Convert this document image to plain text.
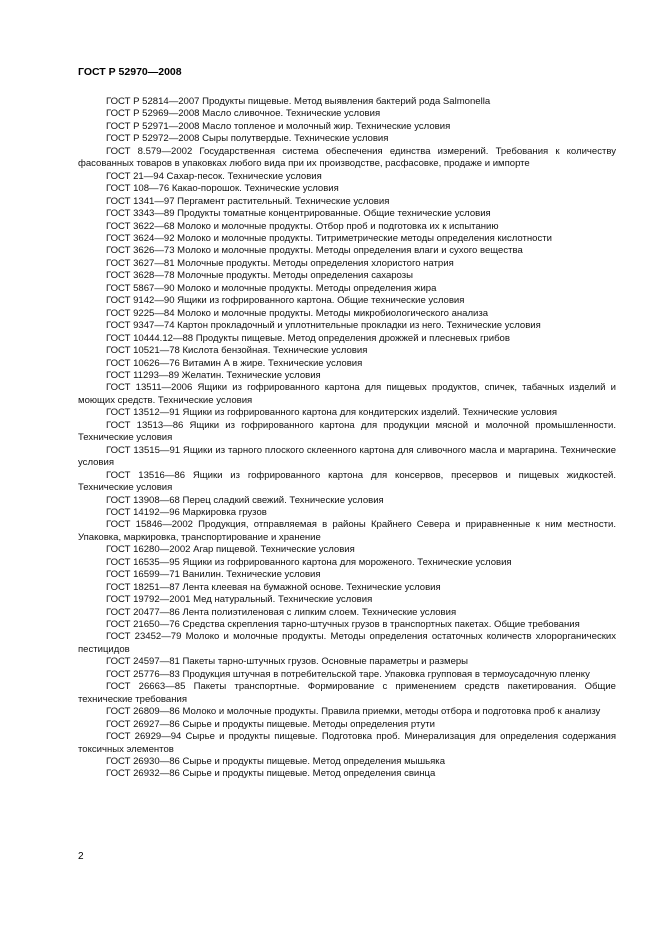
ГОСТ Р 52970—2008
ГОСТ Р 52814—2007 Продукты пищевые. Метод выявления бактерий рода Salmonella
ГОСТ Р 52969—2008 Масло сливочное. Технические условия
ГОСТ Р 52971—2008 Масло топленое и молочный жир. Технические условия
ГОСТ Р 52972—2008 Сыры полутвердые. Технические условия
ГОСТ 8.579—2002 Государственная система обеспечения единства измерений. Требования к количеству фасованных товаров в упаковках любого вида при их производстве, расфасовке, продаже и импорте
ГОСТ 21—94 Сахар-песок. Технические условия
ГОСТ 108—76 Какао-порошок. Технические условия
ГОСТ 1341—97 Пергамент растительный. Технические условия
ГОСТ 3343—89 Продукты томатные концентрированные. Общие технические условия
ГОСТ 3622—68 Молоко и молочные продукты. Отбор проб и подготовка их к испытанию
ГОСТ 3624—92 Молоко и молочные продукты. Титриметрические методы определения кислотности
ГОСТ 3626—73 Молоко и молочные продукты. Методы определения влаги и сухого вещества
ГОСТ 3627—81 Молочные продукты. Методы определения хлористого натрия
ГОСТ 3628—78 Молочные продукты. Методы определения сахарозы
ГОСТ 5867—90 Молоко и молочные продукты. Методы определения жира
ГОСТ 9142—90 Ящики из гофрированного картона. Общие технические условия
ГОСТ 9225—84 Молоко и молочные продукты. Методы микробиологического анализа
ГОСТ 9347—74 Картон прокладочный и уплотнительные прокладки из него. Технические условия
ГОСТ 10444.12—88 Продукты пищевые. Метод определения дрожжей и плесневых грибов
ГОСТ 10521—78 Кислота бензойная. Технические условия
ГОСТ 10626—76 Витамин А в жире. Технические условия
ГОСТ 11293—89 Желатин. Технические условия
ГОСТ 13511—2006 Ящики из гофрированного картона для пищевых продуктов, спичек, табачных изделий и моющих средств. Технические условия
ГОСТ 13512—91 Ящики из гофрированного картона для кондитерских изделий. Технические условия
ГОСТ 13513—86 Ящики из гофрированного картона для продукции мясной и молочной промышленности. Технические условия
ГОСТ 13515—91 Ящики из тарного плоского склеенного картона для сливочного масла и маргарина. Технические условия
ГОСТ 13516—86 Ящики из гофрированного картона для консервов, пресервов и пищевых жидкостей. Технические условия
ГОСТ 13908—68 Перец сладкий свежий. Технические условия
ГОСТ 14192—96 Маркировка грузов
ГОСТ 15846—2002 Продукция, отправляемая в районы Крайнего Севера и приравненные к ним местности. Упаковка, маркировка, транспортирование и хранение
ГОСТ 16280—2002 Агар пищевой. Технические условия
ГОСТ 16535—95 Ящики из гофрированного картона для мороженого. Технические условия
ГОСТ 16599—71 Ванилин. Технические условия
ГОСТ 18251—87 Лента клеевая на бумажной основе. Технические условия
ГОСТ 19792—2001 Мед натуральный. Технические условия
ГОСТ 20477—86 Лента полиэтиленовая с липким слоем. Технические условия
ГОСТ 21650—76 Средства скрепления тарно-штучных грузов в транспортных пакетах. Общие требования
ГОСТ 23452—79 Молоко и молочные продукты. Методы определения остаточных количеств хлорорганических пестицидов
ГОСТ 24597—81 Пакеты тарно-штучных грузов. Основные параметры и размеры
ГОСТ 25776—83 Продукция штучная в потребительской таре. Упаковка групповая в термоусадочную пленку
ГОСТ 26663—85 Пакеты транспортные. Формирование с применением средств пакетирования. Общие технические требования
ГОСТ 26809—86 Молоко и молочные продукты. Правила приемки, методы отбора и подготовка проб к анализу
ГОСТ 26927—86 Сырье и продукты пищевые. Методы определения ртути
ГОСТ 26929—94 Сырье и продукты пищевые. Подготовка проб. Минерализация для определения содержания токсичных элементов
ГОСТ 26930—86 Сырье и продукты пищевые. Метод определения мышьяка
ГОСТ 26932—86 Сырье и продукты пищевые. Метод определения свинца
2
